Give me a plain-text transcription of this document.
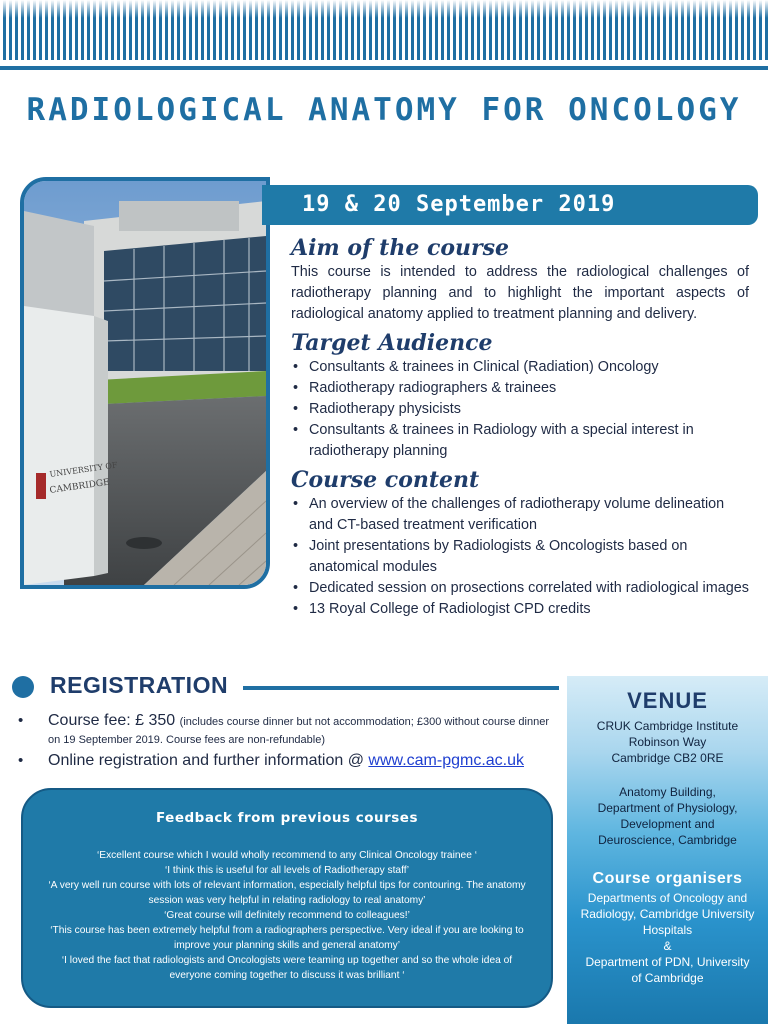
RADIOLOGICAL ANATOMY FOR ONCOLOGY
UNIVERSITY OF
CAMBRIDGE
19 & 20 September 2019
Aim of the course

This course is intended to address the radiological challenges of radiotherapy planning and to highlight the important aspects of radiological anatomy applied to treatment planning and delivery.

Target Audience
• Consultants & trainees in Clinical (Radiation) Oncology
• Radiotherapy radiographers & trainees
• Radiotherapy physicists
• Consultants & trainees in Radiology with a special interest in radiotherapy planning
Course content
• An overview of the challenges of radiotherapy volume delineation and CT-based treatment verification
• Joint presentations by Radiologists & Oncologists based on anatomical modules
• Dedicated session on prosections correlated with radiological images
• 13 Royal College of Radiologist CPD credits
REGISTRATION
• Course fee: £ 350 (includes course dinner but not accommodation; £300 without course dinner on 19 September 2019. Course fees are non-refundable)
• Online registration and further information @ www.cam-pgmc.ac.uk
Feedback from previous courses
‘Excellent course which I would wholly recommend to any Clinical Oncology trainee ‘
‘I think this is useful for all levels of Radiotherapy staff’
‘A very well run course with lots of relevant information, especially helpful tips for contouring. The anatomy session was very helpful in relating radiology to real anatomy’
‘Great course will definitely recommend to colleagues!’
‘This course has been extremely helpful from a radiographers perspective. Very ideal if you are looking to improve your planning skills and general anatomy’
‘I loved the fact that radiologists and Oncologists were teaming up together and so the whole idea of everyone coming together to discuss it was brilliant ‘
VENUE
CRUK Cambridge Institute
Robinson Way
Cambridge CB2 0RE
Anatomy Building,
Department of Physiology,
Development and
Deuroscience, Cambridge
Course organisers
Departments of Oncology and
Radiology, Cambridge University
Hospitals
&
Department of PDN, University
of Cambridge
